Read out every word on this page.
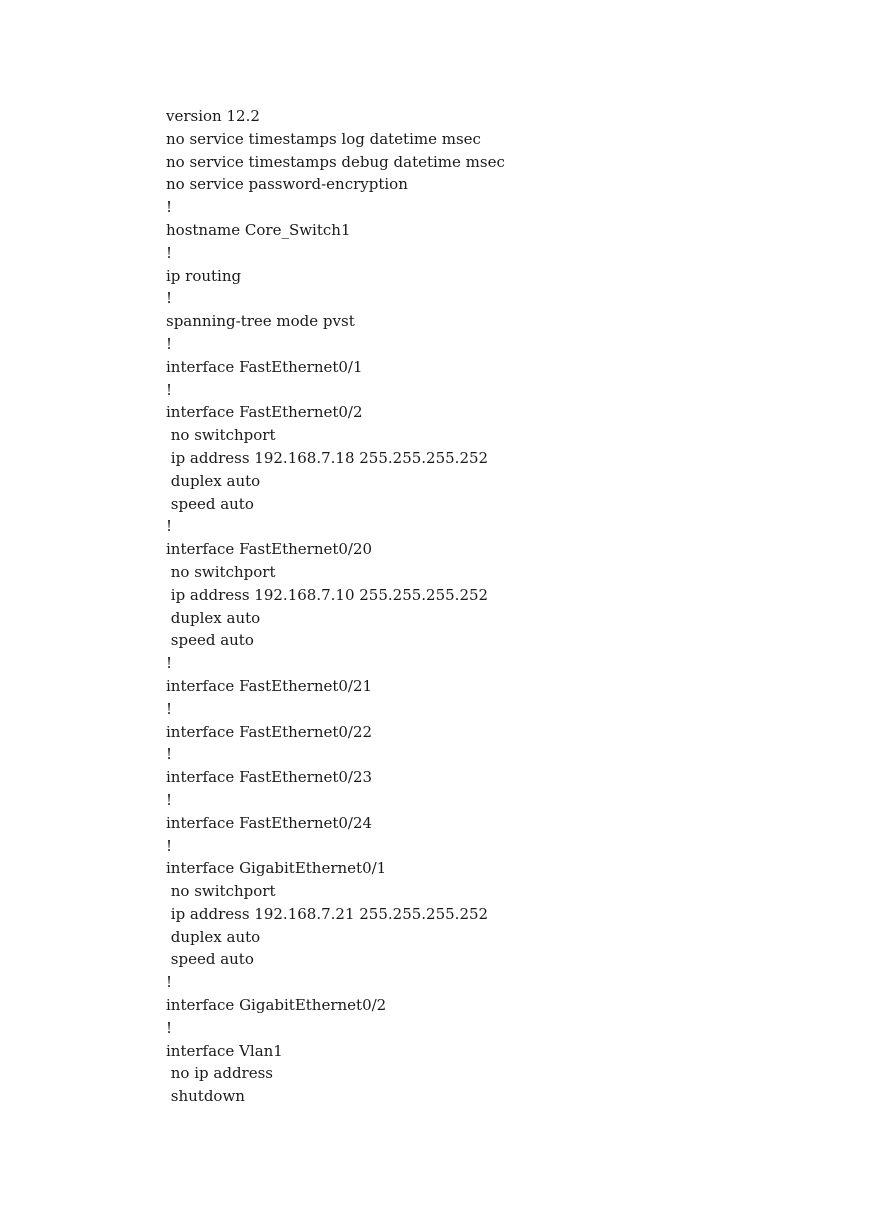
version 12.2
no service timestamps log datetime msec
no service timestamps debug datetime msec
no service password-encryption
!
hostname Core_Switch1
!
ip routing
!
spanning-tree mode pvst
!
interface FastEthernet0/1
!
interface FastEthernet0/2
no switchport
ip address 192.168.7.18 255.255.255.252
duplex auto
speed auto
!
interface FastEthernet0/20
no switchport
ip address 192.168.7.10 255.255.255.252
duplex auto
speed auto
!
interface FastEthernet0/21
!
interface FastEthernet0/22
!
interface FastEthernet0/23
!
interface FastEthernet0/24
!
interface GigabitEthernet0/1
no switchport
ip address 192.168.7.21 255.255.255.252
duplex auto
speed auto
!
interface GigabitEthernet0/2
!
interface Vlan1
no ip address
shutdown
